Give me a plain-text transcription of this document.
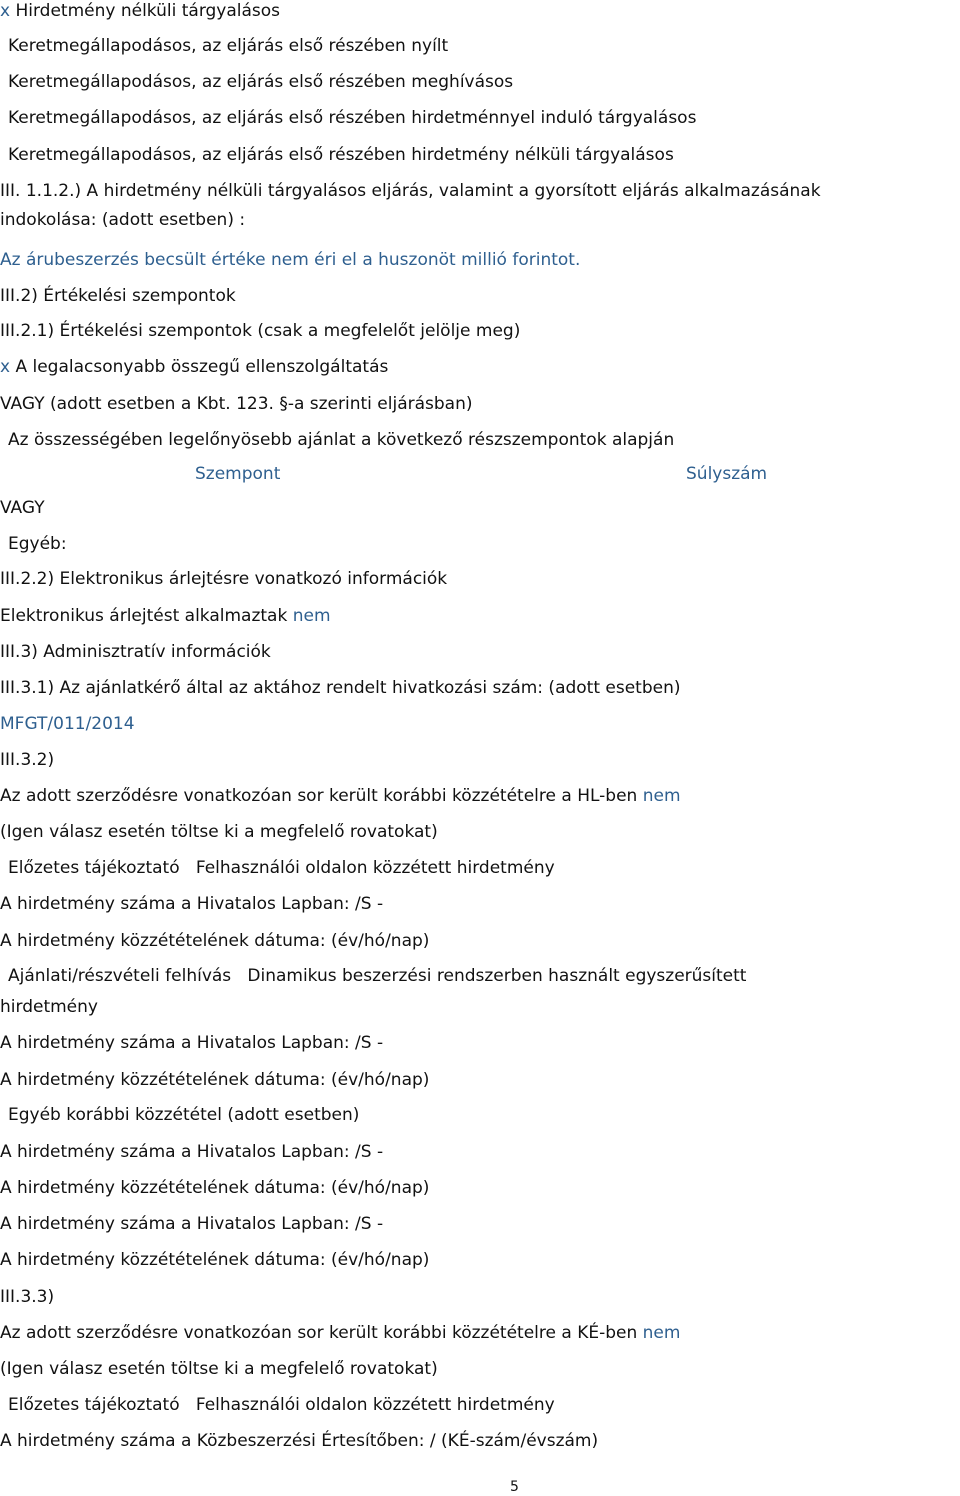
x Hirdetmény nélküli tárgyalásos
Keretmegállapodásos, az eljárás első részében nyílt
Keretmegállapodásos, az eljárás első részében meghívásos
Keretmegállapodásos, az eljárás első részében hirdetménnyel induló tárgyalásos
Keretmegállapodásos, az eljárás első részében hirdetmény nélküli tárgyalásos
III. 1.1.2.) A hirdetmény nélküli tárgyalásos eljárás, valamint a gyorsított eljárás alkalmazásának
indokolása: (adott esetben) :
Az árubeszerzés becsült értéke nem éri el a huszonöt millió forintot.
III.2) Értékelési szempontok
III.2.1) Értékelési szempontok (csak a megfelelőt jelölje meg)
x A legalacsonyabb összegű ellenszolgáltatás
VAGY (adott esetben a Kbt. 123. §-a szerinti eljárásban)
Az összességében legelőnyösebb ajánlat a következő részszempontok alapján
Szempont	Súlyszám
VAGY
Egyéb:
III.2.2) Elektronikus árlejtésre vonatkozó információk
Elektronikus árlejtést alkalmaztak nem
III.3) Adminisztratív információk
III.3.1) Az ajánlatkérő által az aktához rendelt hivatkozási szám: (adott esetben)
MFGT/011/2014
III.3.2)
Az adott szerződésre vonatkozóan sor került korábbi közzétételre a HL-ben nem
(Igen válasz esetén töltse ki a megfelelő rovatokat)
Előzetes tájékoztató Felhasználói oldalon közzétett hirdetmény
A hirdetmény száma a Hivatalos Lapban: /S -
A hirdetmény közzétételének dátuma: (év/hó/nap)
Ajánlati/részvételi felhívás Dinamikus beszerzési rendszerben használt egyszerűsített
hirdetmény
A hirdetmény száma a Hivatalos Lapban: /S -
A hirdetmény közzétételének dátuma: (év/hó/nap)
Egyéb korábbi közzététel (adott esetben)
A hirdetmény száma a Hivatalos Lapban: /S -
A hirdetmény közzétételének dátuma: (év/hó/nap)
A hirdetmény száma a Hivatalos Lapban: /S -
A hirdetmény közzétételének dátuma: (év/hó/nap)
III.3.3)
Az adott szerződésre vonatkozóan sor került korábbi közzétételre a KÉ-ben nem
(Igen válasz esetén töltse ki a megfelelő rovatokat)
Előzetes tájékoztató Felhasználói oldalon közzétett hirdetmény
A hirdetmény száma a Közbeszerzési Értesítőben: / (KÉ-szám/évszám)
5
